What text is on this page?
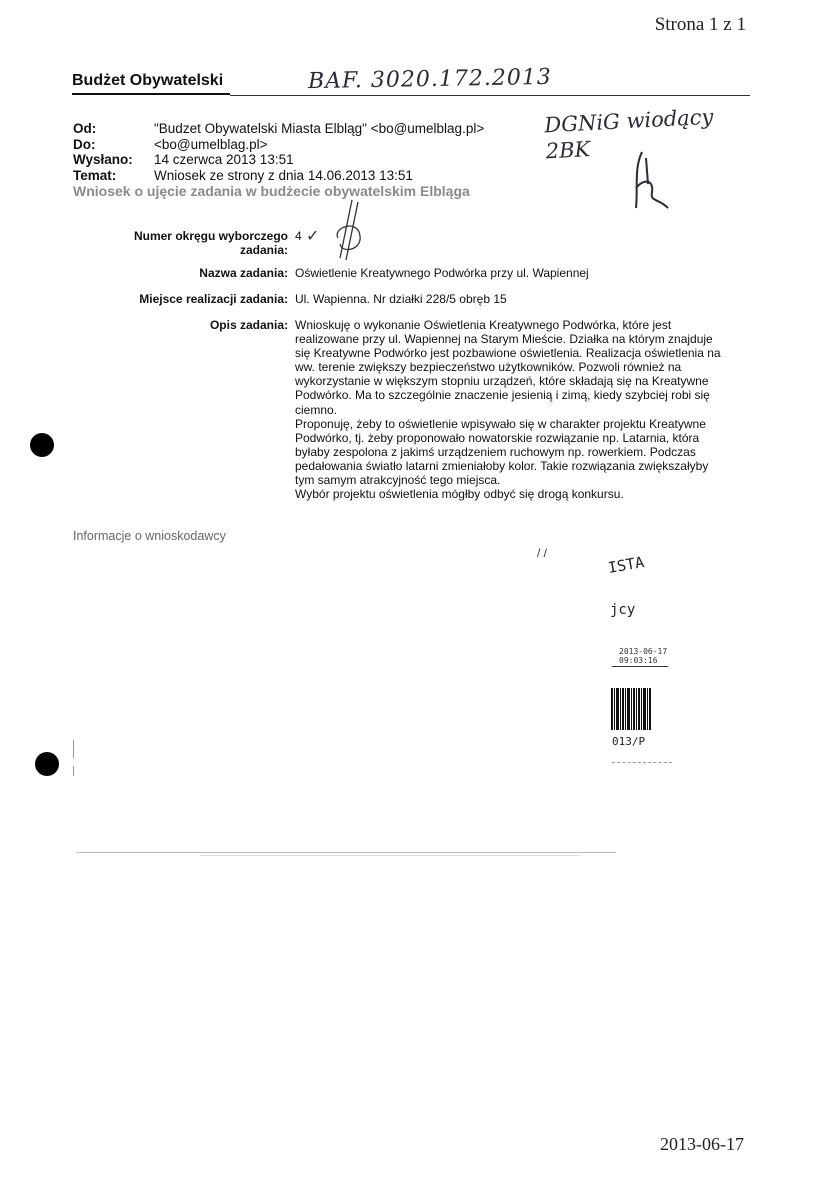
Strona 1 z 1
Budżet Obywatelski	BAF. 3020.172.2013
DGNiG wiodący
2BK
Od:	"Budzet Obywatelski Miasta Elbląg" <bo@umelblag.pl>
Do:	<bo@umelblag.pl>
Wysłano:	14 czerwca 2013 13:51
Temat:	Wniosek ze strony z dnia 14.06.2013 13:51
Wniosek o ujęcie zadania w budżecie obywatelskim Elbląga
Numer okręgu wyborczego zadania:
4 ✓
Nazwa zadania: Oświetlenie Kreatywnego Podwórka przy ul. Wapiennej
Miejsce realizacji zadania: Ul. Wapienna. Nr działki 228/5 obręb 15
Opis zadania: Wnioskuję o wykonanie Oświetlenia Kreatywnego Podwórka, które jest
realizowane przy ul. Wapiennej na Starym Mieście. Działka na którym znajduje
się Kreatywne Podwórko jest pozbawione oświetlenia. Realizacja oświetlenia na
ww. terenie zwiększy bezpieczeństwo użytkowników. Pozwoli również na
wykorzystanie w większym stopniu urządzeń, które składają się na Kreatywne
Podwórko. Ma to szczególnie znaczenie jesienią i zimą, kiedy szybciej robi się
ciemno.
Proponuję, żeby to oświetlenie wpisywało się w charakter projektu Kreatywne
Podwórko, tj. żeby proponowało nowatorskie rozwiązanie np. Latarnia, która
byłaby zespolona z jakimś urządzeniem ruchowym np. rowerkiem. Podczas
pedałowania światło latarni zmieniałoby kolor. Takie rozwiązania zwiększałyby
tym samym atrakcyjność tego miejsca.
Wybór projektu oświetlenia mógłby odbyć się drogą konkursu.
Informacje o wnioskodawcy
/ /
ISTA
jcy
2013-06-17
09:03:16
013/P
2013-06-17
